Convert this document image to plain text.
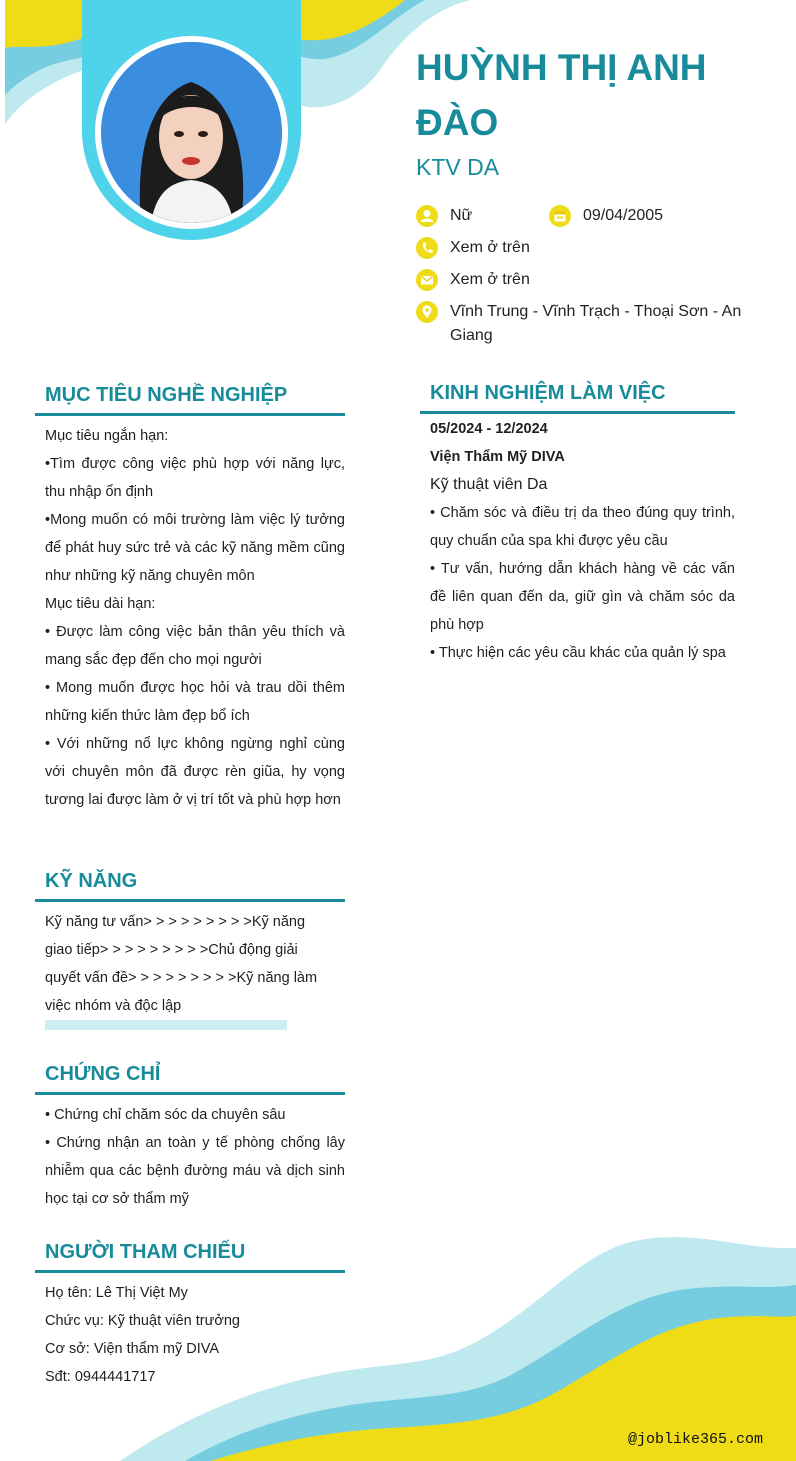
HUỲNH THỊ ANH ĐÀO
KTV DA
Nữ	09/04/2005
Xem ở trên
Xem ở trên
Vĩnh Trung - Vĩnh Trạch - Thoại Sơn - An Giang
MỤC TIÊU NGHỀ NGHIỆP

Mục tiêu ngắn hạn:

•Tìm được công việc phù hợp với năng lực, thu nhập ổn định

•Mong muốn có môi trường làm việc lý tưởng để phát huy sức trẻ và các kỹ năng mềm cũng như những kỹ năng chuyên môn

Mục tiêu dài hạn:

• Được làm công việc bản thân yêu thích và mang sắc đẹp đến cho mọi người

• Mong muốn được học hỏi và trau dồi thêm những kiến thức làm đẹp bổ ích

• Với những nổ lực không ngừng nghỉ cùng với chuyên môn đã được rèn giũa, hy vọng tương lai được làm ở vị trí tốt và phù hợp hơn

KINH NGHIỆM LÀM VIỆC

05/2024 - 12/2024

Viện Thẩm Mỹ DIVA

Kỹ thuật viên Da

• Chăm sóc và điều trị da theo đúng quy trình, quy chuẩn của spa khi được yêu cầu

• Tư vấn, hướng dẫn khách hàng về các vấn đề liên quan đến da, giữ gìn và chăm sóc da phù hợp

• Thực hiện các yêu cầu khác của quản lý spa

KỸ NĂNG

Kỹ năng tư vấn> > > > > > > > >Kỹ năng giao tiếp> > > > > > > > >Chủ động giải quyết vấn đề> > > > > > > > >Kỹ năng làm việc nhóm và độc lập

CHỨNG CHỈ

• Chứng chỉ chăm sóc da chuyên sâu

• Chứng nhận an toàn y tế phòng chống lây nhiễm qua các bệnh đường máu và dịch sinh học tại cơ sở thẩm mỹ

NGƯỜI THAM CHIẾU

Họ tên: Lê Thị Việt My

Chức vụ: Kỹ thuật viên trưởng

Cơ sở: Viện thẩm mỹ DIVA

Sđt: 0944441717

@joblike365.com
